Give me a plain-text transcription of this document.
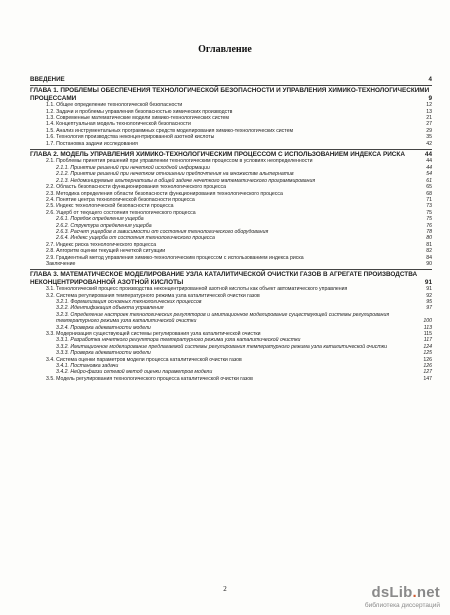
Оглавление
ВВЕДЕНИЕ	4
ГЛАВА 1. ПРОБЛЕМЫ ОБЕСПЕЧЕНИЯ ТЕХНОЛОГИЧЕСКОЙ БЕЗОПАСНОСТИ И УПРАВЛЕНИЯ ХИМИКО-ТЕХНОЛОГИЧЕСКИМИ ПРОЦЕССАМИ	9
1.1. Общее определение технологической безопасности	12
1.2. Задачи и проблемы управления безопасностью химических производств	13
1.3. Современные математические модели химико-технологических систем	21
1.4. Концептуальная модель технологической безопасности	27
1.5. Анализ инструментальных программных средств моделирования химико-технологических систем	29
1.6. Технология производства неконцентрированной азотной кислоты	35
1.7. Постановка задачи исследования	42
ГЛАВА 2. МОДЕЛЬ УПРАВЛЕНИЯ ХИМИКО-ТЕХНОЛОГИЧЕСКИМ ПРОЦЕССОМ С ИСПОЛЬЗОВАНИЕМ ИНДЕКСА РИСКА	44
2.1. Проблемы принятия решений при управлении технологическим процессом в условиях неопределенности	44
2.1.1. Принятие решений при нечеткой исходной информации	44
2.1.2. Принятие решений при нечетком отношении предпочтения на множестве альтернатив	54
2.1.3. Недоминируемые альтернативы в общей задаче нечеткого математического программирования	61
2.2. Область безопасности функционирования технологического процесса	65
2.3. Методика определения области безопасности функционирования технологического процесса	68
2.4. Понятие центра технологической безопасности процесса	71
2.5. Индекс технологической безопасности процесса	73
2.6. Ущерб от текущего состояния технологического процесса	75
2.6.1. Порядок определения ущерба	75
2.6.2. Структура определения ущерба	76
2.6.3. Расчет ущербов в зависимости от состояния технологического оборудования	78
2.6.4. Индекс ущерба от состояния технологического процесса	80
2.7. Индекс риска технологического процесса	81
2.8. Алгоритм оценки текущей нечеткой ситуации	82
2.9. Градиентный метод управления химико-технологическим процессом с использованием индекса риска	84
Заключение	90
ГЛАВА 3. МАТЕМАТИЧЕСКОЕ МОДЕЛИРОВАНИЕ УЗЛА КАТАЛИТИЧЕСКОЙ ОЧИСТКИ ГАЗОВ В АГРЕГАТЕ ПРОИЗВОДСТВА НЕКОНЦЕНТРИРОВАННОЙ АЗОТНОЙ КИСЛОТЫ	91
3.1. Технологический процесс производства неконцентрированной азотной кислоты как объект автоматического управления	91
3.2. Система регулирования температурного режима узла каталитической очистки газов	92
3.2.1. Формализация основных технологических процессов	95
3.2.2. Идентификация объекта управления	97
3.2.3. Определение настроек технологических регуляторов и имитационное моделирование существующей системы регулирования температурного режима узла каталитической очистки	100
3.2.4. Проверка адекватности модели	113
3.3. Модернизация существующей системы регулирования узла каталитической очистки	115
3.3.1. Разработка нечеткого регулятора температурного режима узла каталитической очистки	117
3.3.2. Имитационное моделирование предлагаемой системы регулирования температурного режима узла каталитической очистки	124
3.3.3. Проверка адекватности модели	125
3.4. Система оценки параметров модели процесса каталитической очистки газов	126
3.4.1. Постановка задачи	126
3.4.2. Нейро-фаззи сетевой метод оценки параметров модели	127
3.5. Модель регулирования технологического процесса каталитической очистки газов	147
2	dsLib.net
библиотека диссертаций
